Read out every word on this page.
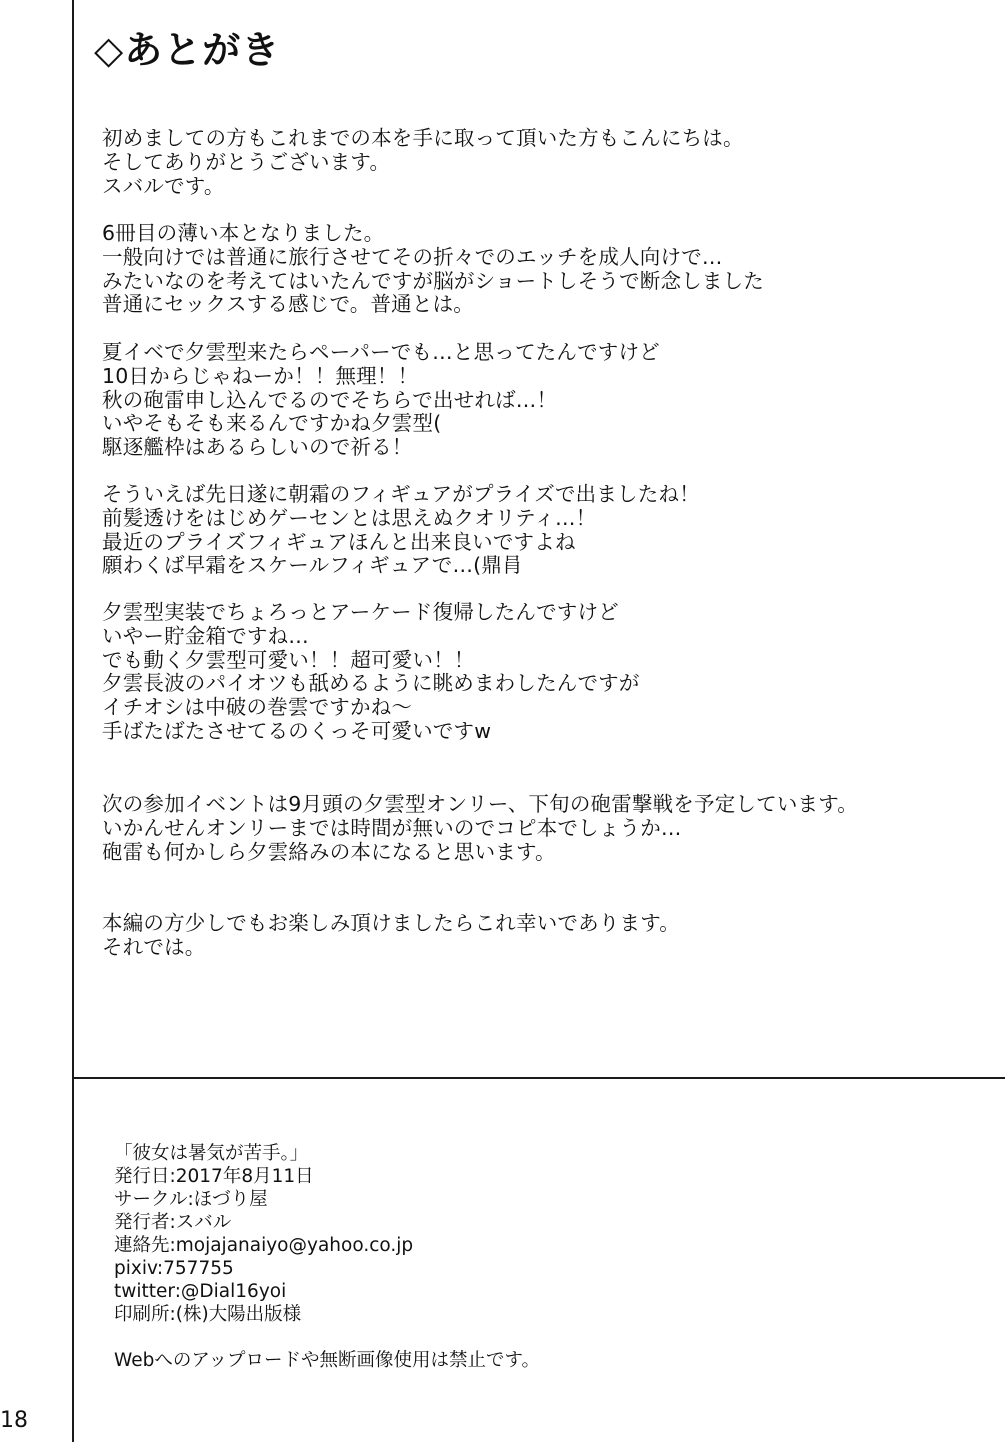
◇あとがき
初めましての方もこれまでの本を手に取って頂いた方もこんにちは。
そしてありがとうございます。
スバルです。
6冊目の薄い本となりました。
一般向けでは普通に旅行させてその折々でのエッチを成人向けで…
みたいなのを考えてはいたんですが脳がショートしそうで断念しました
普通にセックスする感じで。普通とは。
夏イベで夕雲型来たらペーパーでも…と思ってたんですけど
10日からじゃねーか！！無理！！
秋の砲雷申し込んでるのでそちらで出せれば…！
いやそもそも来るんですかね夕雲型(
駆逐艦枠はあるらしいので祈る！
そういえば先日遂に朝霜のフィギュアがプライズで出ましたね！
前髪透けをはじめゲーセンとは思えぬクオリティ…！
最近のプライズフィギュアほんと出来良いですよね
願わくば早霜をスケールフィギュアで…(鼎肙
夕雲型実装でちょろっとアーケード復帰したんですけど
いやー貯金箱ですね…
でも動く夕雲型可愛い！！超可愛い！！
夕雲長波のパイオツも舐めるように眺めまわしたんですが
イチオシは中破の巻雲ですかね～
手ばたばたさせてるのくっそ可愛いですw
次の参加イベントは9月頭の夕雲型オンリー、下旬の砲雷撃戦を予定しています。
いかんせんオンリーまでは時間が無いのでコピ本でしょうか…
砲雷も何かしら夕雲絡みの本になると思います。
本編の方少しでもお楽しみ頂けましたらこれ幸いであります。
それでは。
「彼女は暑気が苦手。」
発行日:2017年8月11日
サークル:ほづり屋
発行者:スバル
連絡先:mojajanaiyo@yahoo.co.jp
pixiv:757755
twitter:@Dial16yoi
印刷所:(株)大陽出版様
Webへのアップロードや無断画像使用は禁止です。
18
